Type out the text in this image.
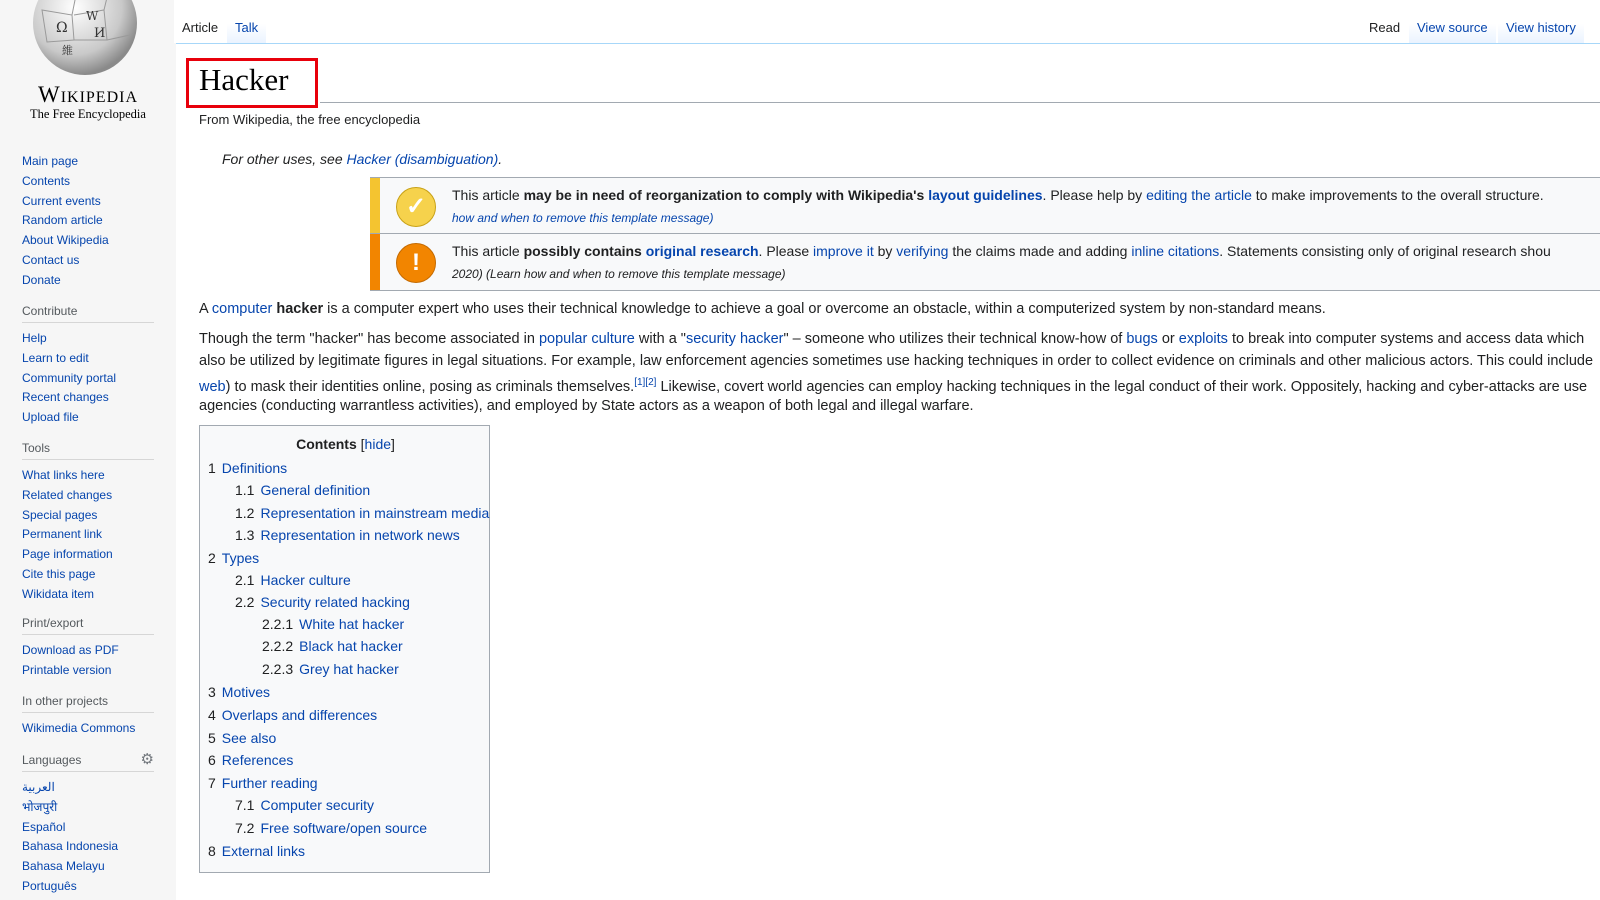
Ω
W
И
維
Wikipedia
The Free Encyclopedia
Main page
Contents
Current events
Random article
About Wikipedia
Contact us
Donate
Contribute
Help
Learn to edit
Community portal
Recent changes
Upload file
Tools
What links here
Related changes
Special pages
Permanent link
Page information
Cite this page
Wikidata item
Print/export
Download as PDF
Printable version
In other projects
Wikimedia Commons
Languages	⚙
العربية
भोजपुरी
Español
Bahasa Indonesia
Bahasa Melayu
Português
Article	Talk	Read	View source	View history
Hacker
From Wikipedia, the free encyclopedia
For other uses, see Hacker (disambiguation).
✓	This article may be in need of reorganization to comply with Wikipedia's layout guidelines. Please help by editing the article to make improvements to the overall structure.
how and when to remove this template message)
!	This article possibly contains original research. Please improve it by verifying the claims made and adding inline citations. Statements consisting only of original research shou
2020) (Learn how and when to remove this template message)
A computer hacker is a computer expert who uses their technical knowledge to achieve a goal or overcome an obstacle, within a computerized system by non-standard means.
Though the term "hacker" has become associated in popular culture with a "security hacker" – someone who utilizes their technical know-how of bugs or exploits to break into computer systems and access data which
also be utilized by legitimate figures in legal situations. For example, law enforcement agencies sometimes use hacking techniques in order to collect evidence on criminals and other malicious actors. This could include
web) to mask their identities online, posing as criminals themselves.[1][2] Likewise, covert world agencies can employ hacking techniques in the legal conduct of their work. Oppositely, hacking and cyber-attacks are use
agencies (conducting warrantless activities), and employed by State actors as a weapon of both legal and illegal warfare.
Contents [hide]
1 Definitions
1.1 General definition
1.2 Representation in mainstream media
1.3 Representation in network news
2 Types
2.1 Hacker culture
2.2 Security related hacking
2.2.1 White hat hacker
2.2.2 Black hat hacker
2.2.3 Grey hat hacker
3 Motives
4 Overlaps and differences
5 See also
6 References
7 Further reading
7.1 Computer security
7.2 Free software/open source
8 External links
